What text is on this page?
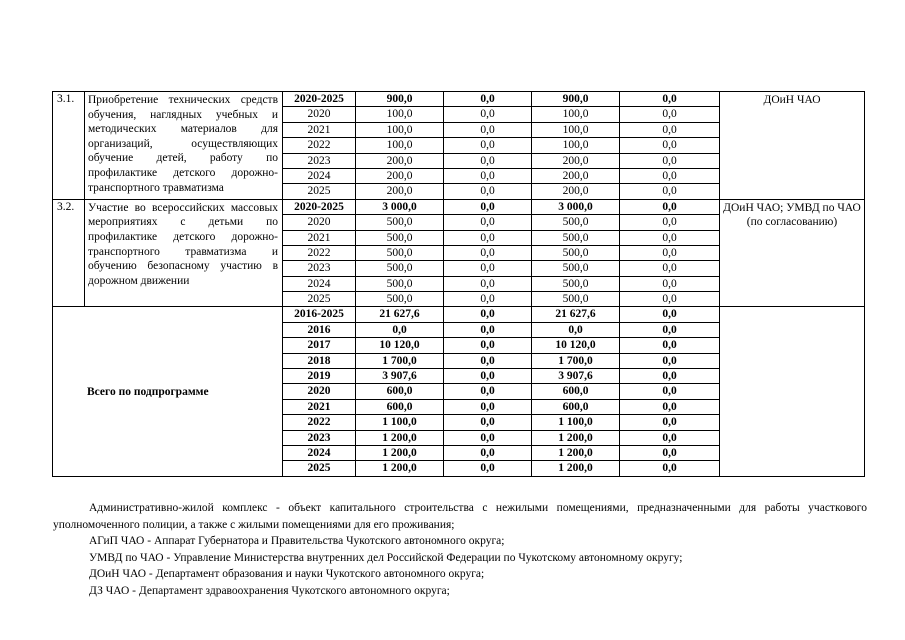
3.1.	Приобретение технических средств обучения, наглядных учебных и методических материалов для организаций, осуществляющих обучение детей, работу по профилактике детского дорожно-транспортного травматизма	2020-2025	900,0	0,0	900,0	0,0	ДОиН ЧАО
		2020	100,0	0,0	100,0	0,0	
		2021	100,0	0,0	100,0	0,0	
		2022	100,0	0,0	100,0	0,0	
		2023	200,0	0,0	200,0	0,0	
		2024	200,0	0,0	200,0	0,0	
		2025	200,0	0,0	200,0	0,0	
3.2.	Участие во всероссийских массовых мероприятиях с детьми по профилактике детского дорожно-транспортного травматизма и обучению безопасному участию в дорожном движении	2020-2025	3 000,0	0,0	3 000,0	0,0	ДОиН ЧАО; УМВД по ЧАО (по согласованию)
		2020	500,0	0,0	500,0	0,0	
		2021	500,0	0,0	500,0	0,0	
		2022	500,0	0,0	500,0	0,0	
		2023	500,0	0,0	500,0	0,0	
		2024	500,0	0,0	500,0	0,0	
		2025	500,0	0,0	500,0	0,0	
Всего по подпрограмме		2016-2025	21 627,6	0,0	21 627,6	0,0	
		2016	0,0	0,0	0,0	0,0	
		2017	10 120,0	0,0	10 120,0	0,0	
		2018	1 700,0	0,0	1 700,0	0,0	
		2019	3 907,6	0,0	3 907,6	0,0	
		2020	600,0	0,0	600,0	0,0	
		2021	600,0	0,0	600,0	0,0	
		2022	1 100,0	0,0	1 100,0	0,0	
		2023	1 200,0	0,0	1 200,0	0,0	
		2024	1 200,0	0,0	1 200,0	0,0	
		2025	1 200,0	0,0	1 200,0	0,0	

Административно-жилой комплекс - объект капитального строительства с нежилыми помещениями, предназначенными для работы участкового уполномоченного полиции, а также с жилыми помещениями для его проживания;

АГиП ЧАО - Аппарат Губернатора и Правительства Чукотского автономного округа;

УМВД по ЧАО - Управление Министерства внутренних дел Российской Федерации по Чукотскому автономному округу;

ДОиН ЧАО - Департамент образования и науки Чукотского автономного округа;

ДЗ ЧАО - Департамент здравоохранения Чукотского автономного округа;
